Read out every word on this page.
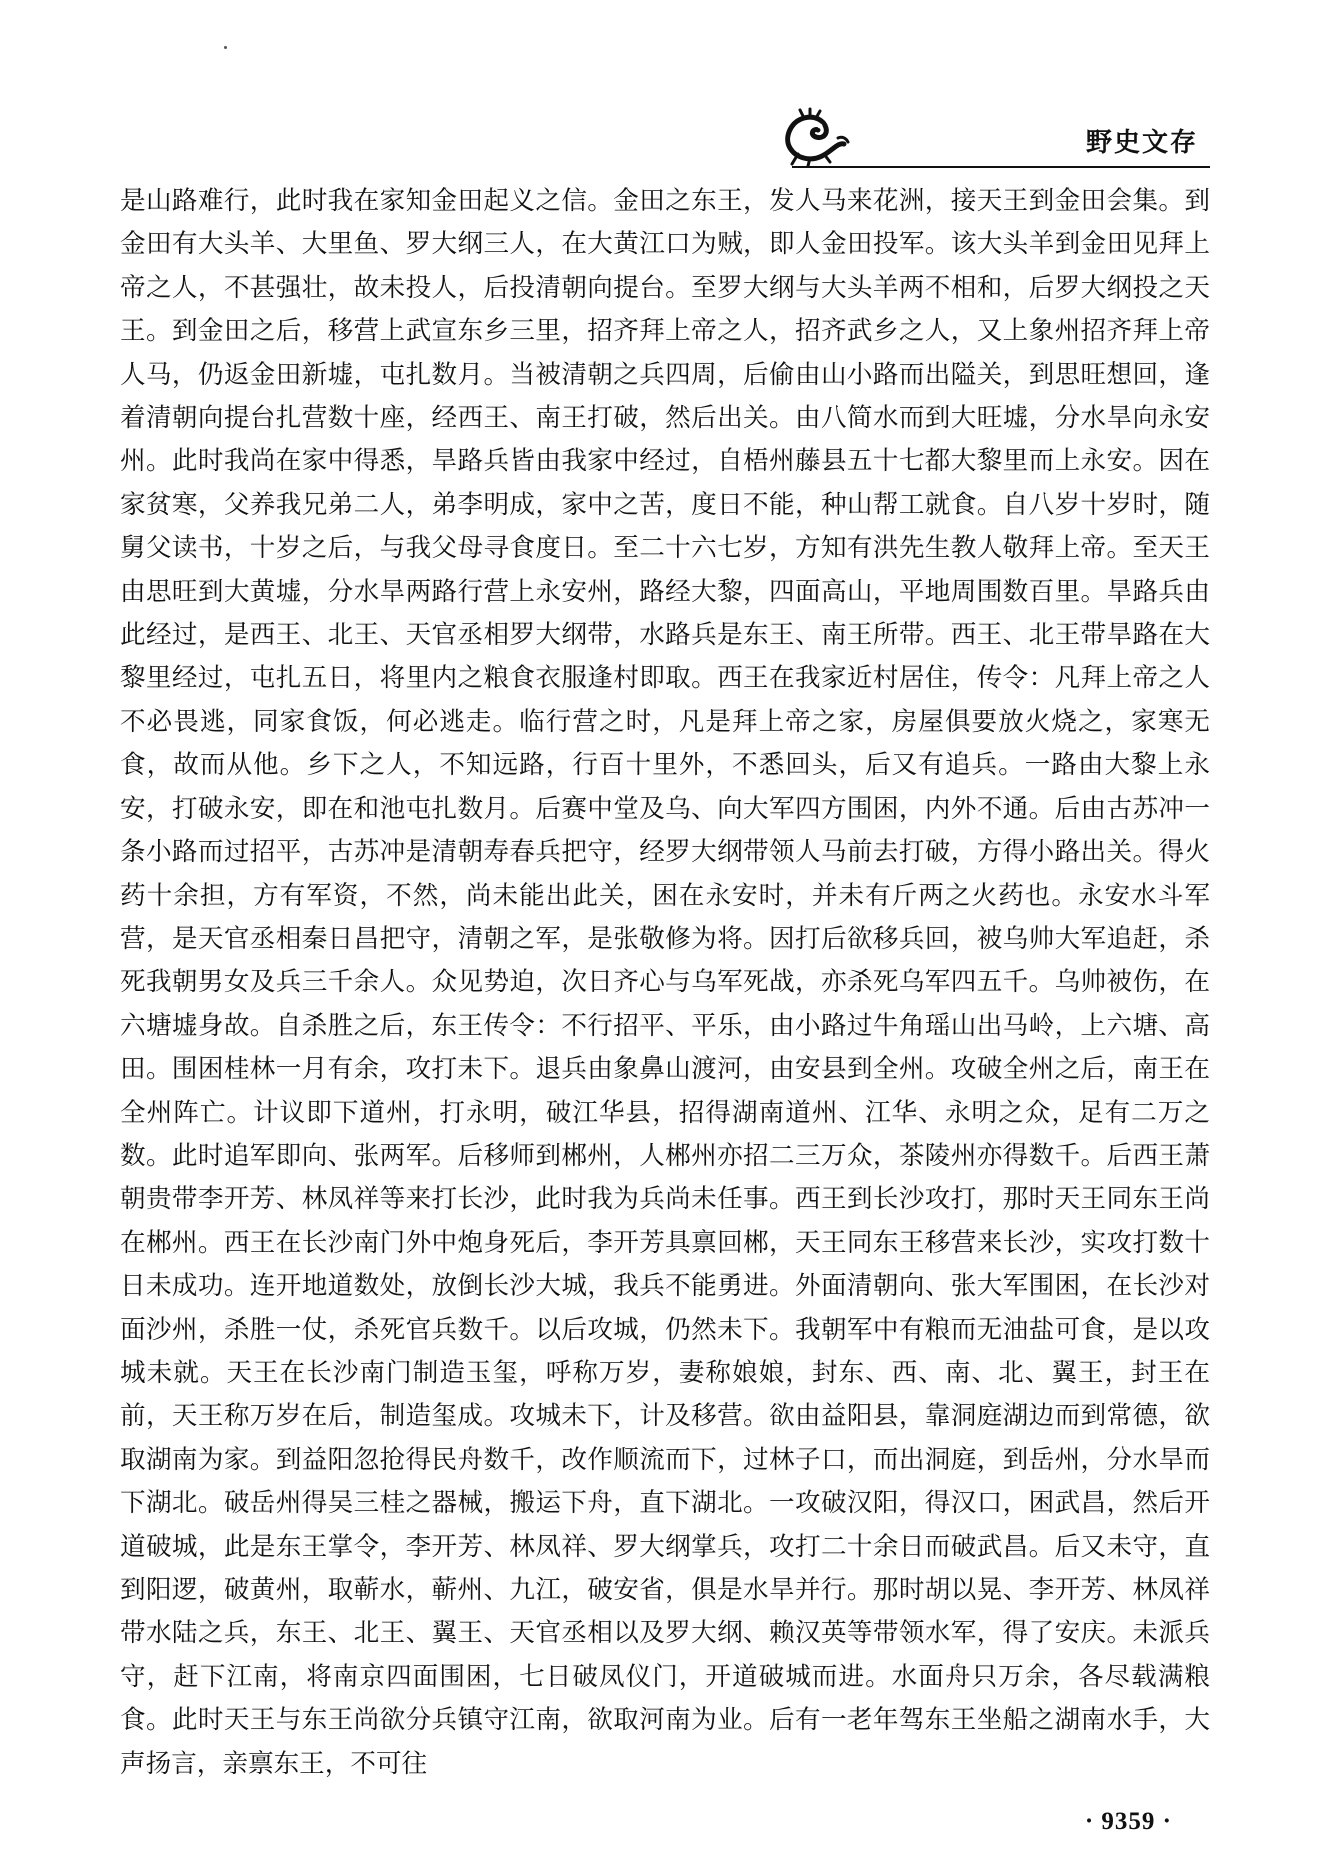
野史文存

是山路难行，此时我在家知金田起义之信。金田之东王，发人马来花洲，接天王到金田会集。到金田有大头羊、大里鱼、罗大纲三人，在大黄江口为贼，即人金田投军。该大头羊到金田见拜上帝之人，不甚强壮，故未投人，后投清朝向提台。至罗大纲与大头羊两不相和，后罗大纲投之天王。到金田之后，移营上武宣东乡三里，招齐拜上帝之人，招齐武乡之人，又上象州招齐拜上帝人马，仍返金田新墟，屯扎数月。当被清朝之兵四周，后偷由山小路而出隘关，到思旺想回，逢着清朝向提台扎营数十座，经西王、南王打破，然后出关。由八简水而到大旺墟，分水旱向永安州。此时我尚在家中得悉，旱路兵皆由我家中经过，自梧州藤县五十七都大黎里而上永安。因在家贫寒，父养我兄弟二人，弟李明成，家中之苦，度日不能，种山帮工就食。自八岁十岁时，随舅父读书，十岁之后，与我父母寻食度日。至二十六七岁，方知有洪先生教人敬拜上帝。至天王由思旺到大黄墟，分水旱两路行营上永安州，路经大黎，四面高山，平地周围数百里。旱路兵由此经过，是西王、北王、天官丞相罗大纲带，水路兵是东王、南王所带。西王、北王带旱路在大黎里经过，屯扎五日，将里内之粮食衣服逢村即取。西王在我家近村居住，传令：凡拜上帝之人不必畏逃，同家食饭，何必逃走。临行营之时，凡是拜上帝之家，房屋俱要放火烧之，家寒无食，故而从他。乡下之人，不知远路，行百十里外，不悉回头，后又有追兵。一路由大黎上永安，打破永安，即在和池屯扎数月。后赛中堂及乌、向大军四方围困，内外不通。后由古苏冲一条小路而过招平，古苏冲是清朝寿春兵把守，经罗大纲带领人马前去打破，方得小路出关。得火药十余担，方有军资，不然，尚未能出此关，困在永安时，并未有斤两之火药也。永安水斗军营，是天官丞相秦日昌把守，清朝之军，是张敬修为将。因打后欲移兵回，被乌帅大军追赶，杀死我朝男女及兵三千余人。众见势迫，次日齐心与乌军死战，亦杀死乌军四五千。乌帅被伤，在六塘墟身故。自杀胜之后，东王传令：不行招平、平乐，由小路过牛角瑶山出马岭，上六塘、高田。围困桂林一月有余，攻打未下。退兵由象鼻山渡河，由安县到全州。攻破全州之后，南王在全州阵亡。计议即下道州，打永明，破江华县，招得湖南道州、江华、永明之众，足有二万之数。此时追军即向、张两军。后移师到郴州，人郴州亦招二三万众，茶陵州亦得数千。后西王萧朝贵带李开芳、林凤祥等来打长沙，此时我为兵尚未任事。西王到长沙攻打，那时天王同东王尚在郴州。西王在长沙南门外中炮身死后，李开芳具禀回郴，天王同东王移营来长沙，实攻打数十日未成功。连开地道数处，放倒长沙大城，我兵不能勇进。外面清朝向、张大军围困，在长沙对面沙州，杀胜一仗，杀死官兵数千。以后攻城，仍然未下。我朝军中有粮而无油盐可食，是以攻城未就。天王在长沙南门制造玉玺，呼称万岁，妻称娘娘，封东、西、南、北、翼王，封王在前，天王称万岁在后，制造玺成。攻城未下，计及移营。欲由益阳县，靠洞庭湖边而到常德，欲取湖南为家。到益阳忽抢得民舟数千，改作顺流而下，过林子口，而出洞庭，到岳州，分水旱而下湖北。破岳州得吴三桂之器械，搬运下舟，直下湖北。一攻破汉阳，得汉口，困武昌，然后开道破城，此是东王掌令，李开芳、林凤祥、罗大纲掌兵，攻打二十余日而破武昌。后又未守，直到阳逻，破黄州，取蕲水，蕲州、九江，破安省，俱是水旱并行。那时胡以晃、李开芳、林凤祥带水陆之兵，东王、北王、翼王、天官丞相以及罗大纲、赖汉英等带领水军，得了安庆。未派兵守，赶下江南，将南京四面围困，七日破凤仪门，开道破城而进。水面舟只万余，各尽载满粮食。此时天王与东王尚欲分兵镇守江南，欲取河南为业。后有一老年驾东王坐船之湖南水手，大声扬言，亲禀东王，不可往

· 9359 ·
